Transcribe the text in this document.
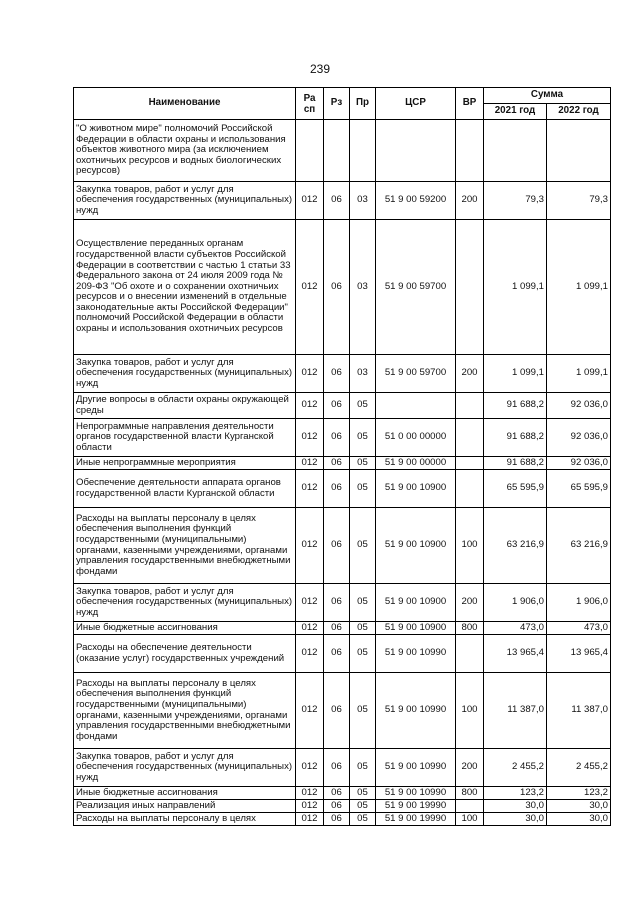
239
Наименование	Ра сп	Рз	Пр	ЦСР	ВР	Сумма	
						2021 год	2022 год
"О животном мире" полномочий Российской Федерации в области охраны и использования объектов животного мира (за исключением охотничьих ресурсов и водных биологических ресурсов)							
Закупка товаров, работ и услуг для обеспечения государственных (муниципальных) нужд	012	06	03	51 9 00 59200	200	79,3	79,3
Осуществление переданных органам государственной власти субъектов Российской Федерации в соответствии с частью 1 статьи 33 Федерального закона от 24 июля 2009 года № 209-ФЗ "Об охоте и о сохранении охотничьих ресурсов и о внесении изменений в отдельные законодательные акты Российской Федерации" полномочий Российской Федерации в области охраны и использования охотничьих ресурсов	012	06	03	51 9 00 59700		1 099,1	1 099,1
Закупка товаров, работ и услуг для обеспечения государственных (муниципальных) нужд	012	06	03	51 9 00 59700	200	1 099,1	1 099,1
Другие вопросы в области охраны окружающей среды	012	06	05			91 688,2	92 036,0
Непрограммные направления деятельности органов государственной власти Курганской области	012	06	05	51 0 00 00000		91 688,2	92 036,0
Иные непрограммные мероприятия	012	06	05	51 9 00 00000		91 688,2	92 036,0
Обеспечение деятельности аппарата органов государственной власти Курганской области	012	06	05	51 9 00 10900		65 595,9	65 595,9
Расходы на выплаты персоналу в целях обеспечения выполнения функций государственными (муниципальными) органами, казенными учреждениями, органами управления государственными внебюджетными фондами	012	06	05	51 9 00 10900	100	63 216,9	63 216,9
Закупка товаров, работ и услуг для обеспечения государственных (муниципальных) нужд	012	06	05	51 9 00 10900	200	1 906,0	1 906,0
Иные бюджетные ассигнования	012	06	05	51 9 00 10900	800	473,0	473,0
Расходы на обеспечение деятельности (оказание услуг) государственных учреждений	012	06	05	51 9 00 10990		13 965,4	13 965,4
Расходы на выплаты персоналу в целях обеспечения выполнения функций государственными (муниципальными) органами, казенными учреждениями, органами управления государственными внебюджетными фондами	012	06	05	51 9 00 10990	100	11 387,0	11 387,0
Закупка товаров, работ и услуг для обеспечения государственных (муниципальных) нужд	012	06	05	51 9 00 10990	200	2 455,2	2 455,2
Иные бюджетные ассигнования	012	06	05	51 9 00 10990	800	123,2	123,2
Реализация иных направлений	012	06	05	51 9 00 19990		30,0	30,0
Расходы на выплаты персоналу в целях	012	06	05	51 9 00 19990	100	30,0	30,0
